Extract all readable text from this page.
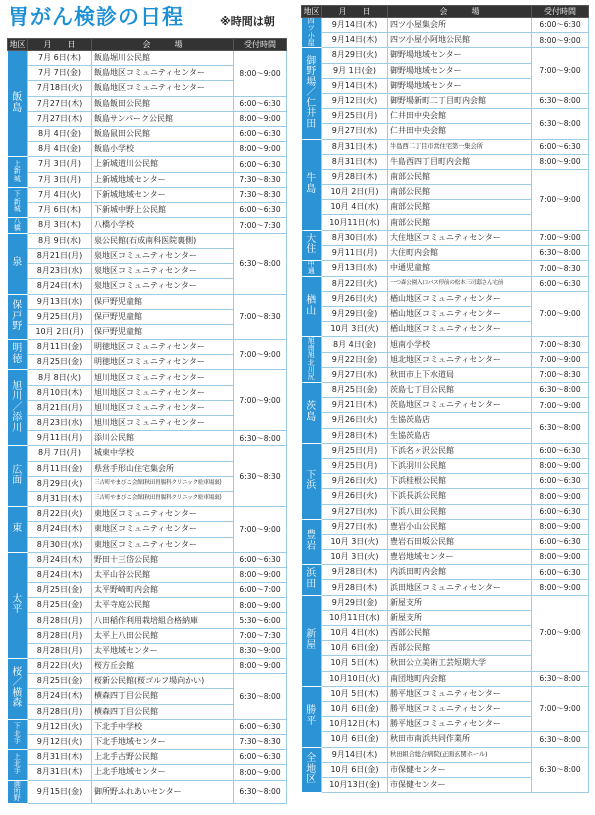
胃がん検診の日程	※時間は朝
地区	月　　日	会　　　場	受付時間
飯島	7月 6日(木)	飯島堀川公民館	8:00〜9:00
	7月 7日(金)	飯島地区コミュニティセンター	
	7月18日(火)	飯島地区コミュニティセンター	
	7月27日(木)	飯島飯田公民館	6:00〜6:30
	7月27日(木)	飯島サンパーク公民館	8:00〜9:00
	8月 4日(金)	飯島鼠田公民館	6:00〜6:30
	8月 4日(金)	飯島小学校	8:00〜9:00
上新城	7月 3日(月)	上新城道川公民館	6:00〜6:30
	7月 3日(月)	上新城地域センター	7:30〜8:30
下新城	7月 4日(火)	下新城地域センター	7:30〜8:30
	7月 6日(木)	下新城中野上公民館	6:00〜6:30
八橋	8月 3日(木)	八橋小学校	7:00〜7:30
泉	8月 9日(水)	泉公民館(石成南科医院裏側)	6:30〜8:00
	8月21日(月)	泉地区コミュニティセンター	
	8月23日(水)	泉地区コミュニティセンター	
	8月24日(木)	泉地区コミュニティセンター	
保戸野	9月13日(水)	保戸野児童館	7:00〜8:30
	9月25日(月)	保戸野児童館	
	10月 2日(月)	保戸野児童館	
明徳	8月11日(金)	明徳地区コミュニティセンター	7:00〜9:00
	8月25日(金)	明徳地区コミュニティセンター	
旭川／添川	8月 8日(火)	旭川地区コミュニティセンター	7:00〜9:00
	8月10日(木)	旭川地区コミュニティセンター	
	8月21日(月)	旭川地区コミュニティセンター	
	8月23日(水)	旭川地区コミュニティセンター	
	9月11日(月)	添川公民館	6:30〜8:00
広面	8月 7日(月)	城東中学校	6:30〜8:30
	8月11日(金)	県営手形山住宅集会所	
	8月29日(火)	三吉町やまびこ会館(秋田胃腸科クリニック駐車場裏)	
	8月31日(木)	三吉町やまびこ会館(秋田胃腸科クリニック駐車場裏)	
東	8月22日(火)	東地区コミュニティセンター	7:00〜9:00
	8月24日(木)	東地区コミュニティセンター	
	8月30日(水)	東地区コミュニティセンター	
太平	8月24日(木)	野田十三岱公民館	6:00〜6:30
	8月24日(木)	太平山谷公民館	8:00〜9:00
	8月25日(金)	太平野崎町内会館	6:00〜7:00
	8月25日(金)	太平寺庭公民館	8:00〜9:00
	8月28日(月)	八田稲作利用栽培組合格納庫	5:30〜6:00
	8月28日(月)	太平上八田公民館	7:00〜7:30
	8月28日(月)	太平地域センター	8:30〜9:00
桜／横森	8月22日(火)	桜方丘会館	8:00〜9:00
	8月25日(金)	桜新公民館(桜ゴルフ場向かい)	6:30〜8:00
	8月24日(木)	横森四丁目公民館	
	8月28日(月)	横森四丁目公民館	
下北手	9月12日(火)	下北手中学校	6:00〜6:30
	9月12日(火)	下北手地域センター	7:30〜8:30
上北手	8月31日(木)	上北手古野公民館	6:00〜6:30
	8月31日(木)	上北手地域センター	8:00〜9:00
御所野	9月15日(金)	御所野ふれあいセンター	6:30〜8:00
地区	月　　日	会　　　場	受付時間
四ツ小屋	9月14日(木)	四ツ小屋集会所	6:00〜6:30
	9月14日(木)	四ツ小屋小阿地公民館	8:00〜9:00
御野場／仁井田	8月29日(火)	御野場地域センター	7:00〜9:00
	9月 1日(金)	御野場地域センター	
	9月14日(木)	御野場地域センター	
	9月12日(火)	御野場新町二丁目町内会館	6:30〜8:00
	9月25日(月)	仁井田中央会館	6:30〜8:00
	9月27日(水)	仁井田中央会館	
牛島	8月31日(木)	牛島西二丁目市営住宅第一集会所	6:00〜6:30
	8月31日(木)	牛島西四丁目町内会館	8:00〜9:00
	9月28日(木)	南部公民館	7:00〜9:00
	10月 2日(月)	南部公民館	
	10月 4日(水)	南部公民館	
	10月11日(水)	南部公民館	
大住	8月30日(水)	大住地区コミュニティセンター	7:00〜9:00
	9月11日(月)	大住町内会館	6:30〜8:00
中通	9月13日(水)	中通児童館	7:00〜8:30
楢山	8月22日(火)	一つ森公園入口バス停前の松本三司邸さん宅前	6:00〜6:30
	9月26日(火)	楢山地区コミュニティセンター	7:00〜9:00
	9月29日(金)	楢山地区コミュニティセンター	
	10月 3日(火)	楢山地区コミュニティセンター	
旭南旭北川尻	8月 4日(金)	旭南小学校	7:00〜8:30
	9月22日(金)	旭北地区コミュニティセンター	7:00〜9:00
	9月27日(水)	秋田市上下水道局	7:00〜8:30
茨島	8月25日(金)	茨島七丁目公民館	6:30〜8:00
	9月21日(木)	茨島地区コミュニティセンター	7:00〜9:00
	9月26日(火)	生協茨島店	6:30〜8:00
	9月28日(木)	生協茨島店	
下浜	9月25日(月)	下浜名ヶ沢公民館	6:00〜6:30
	9月25日(月)	下浜羽川公民館	8:00〜9:00
	9月26日(火)	下浜桂根公民館	6:00〜6:30
	9月26日(火)	下浜長浜公民館	8:00〜9:00
	9月27日(水)	下浜八田公民館	6:00〜6:30
豊岩	9月27日(水)	豊岩小山公民館	8:00〜9:00
	10月 3日(火)	豊岩石田坂公民館	6:00〜6:30
	10月 3日(火)	豊岩地域センター	8:00〜9:00
浜田	9月28日(木)	内浜田町内会館	6:00〜6:30
	9月28日(木)	浜田地区コミュニティセンター	8:00〜9:00
新屋	9月29日(金)	新屋支所	7:00〜9:00
	10月11日(水)	新屋支所	
	10月 4日(水)	西部公民館	
	10月 6日(金)	西部公民館	
	10月 5日(木)	秋田公立美術工芸短期大学	
	10月10日(火)	南団地町内会館	6:30〜8:00
勝平	10月 5日(木)	勝平地区コミュニティセンター	7:00〜9:00
	10月 6日(金)	勝平地区コミュニティセンター	
	10月12日(木)	勝平地区コミュニティセンター	
	10月 6日(金)	秋田市南浜共同作業所	6:30〜8:00
全地区	9月14日(木)	秋田組合総合病院(正面玄関ホール)	6:30〜8:00
	10月 6日(金)	市保健センター	
	10月13日(金)	市保健センター	
